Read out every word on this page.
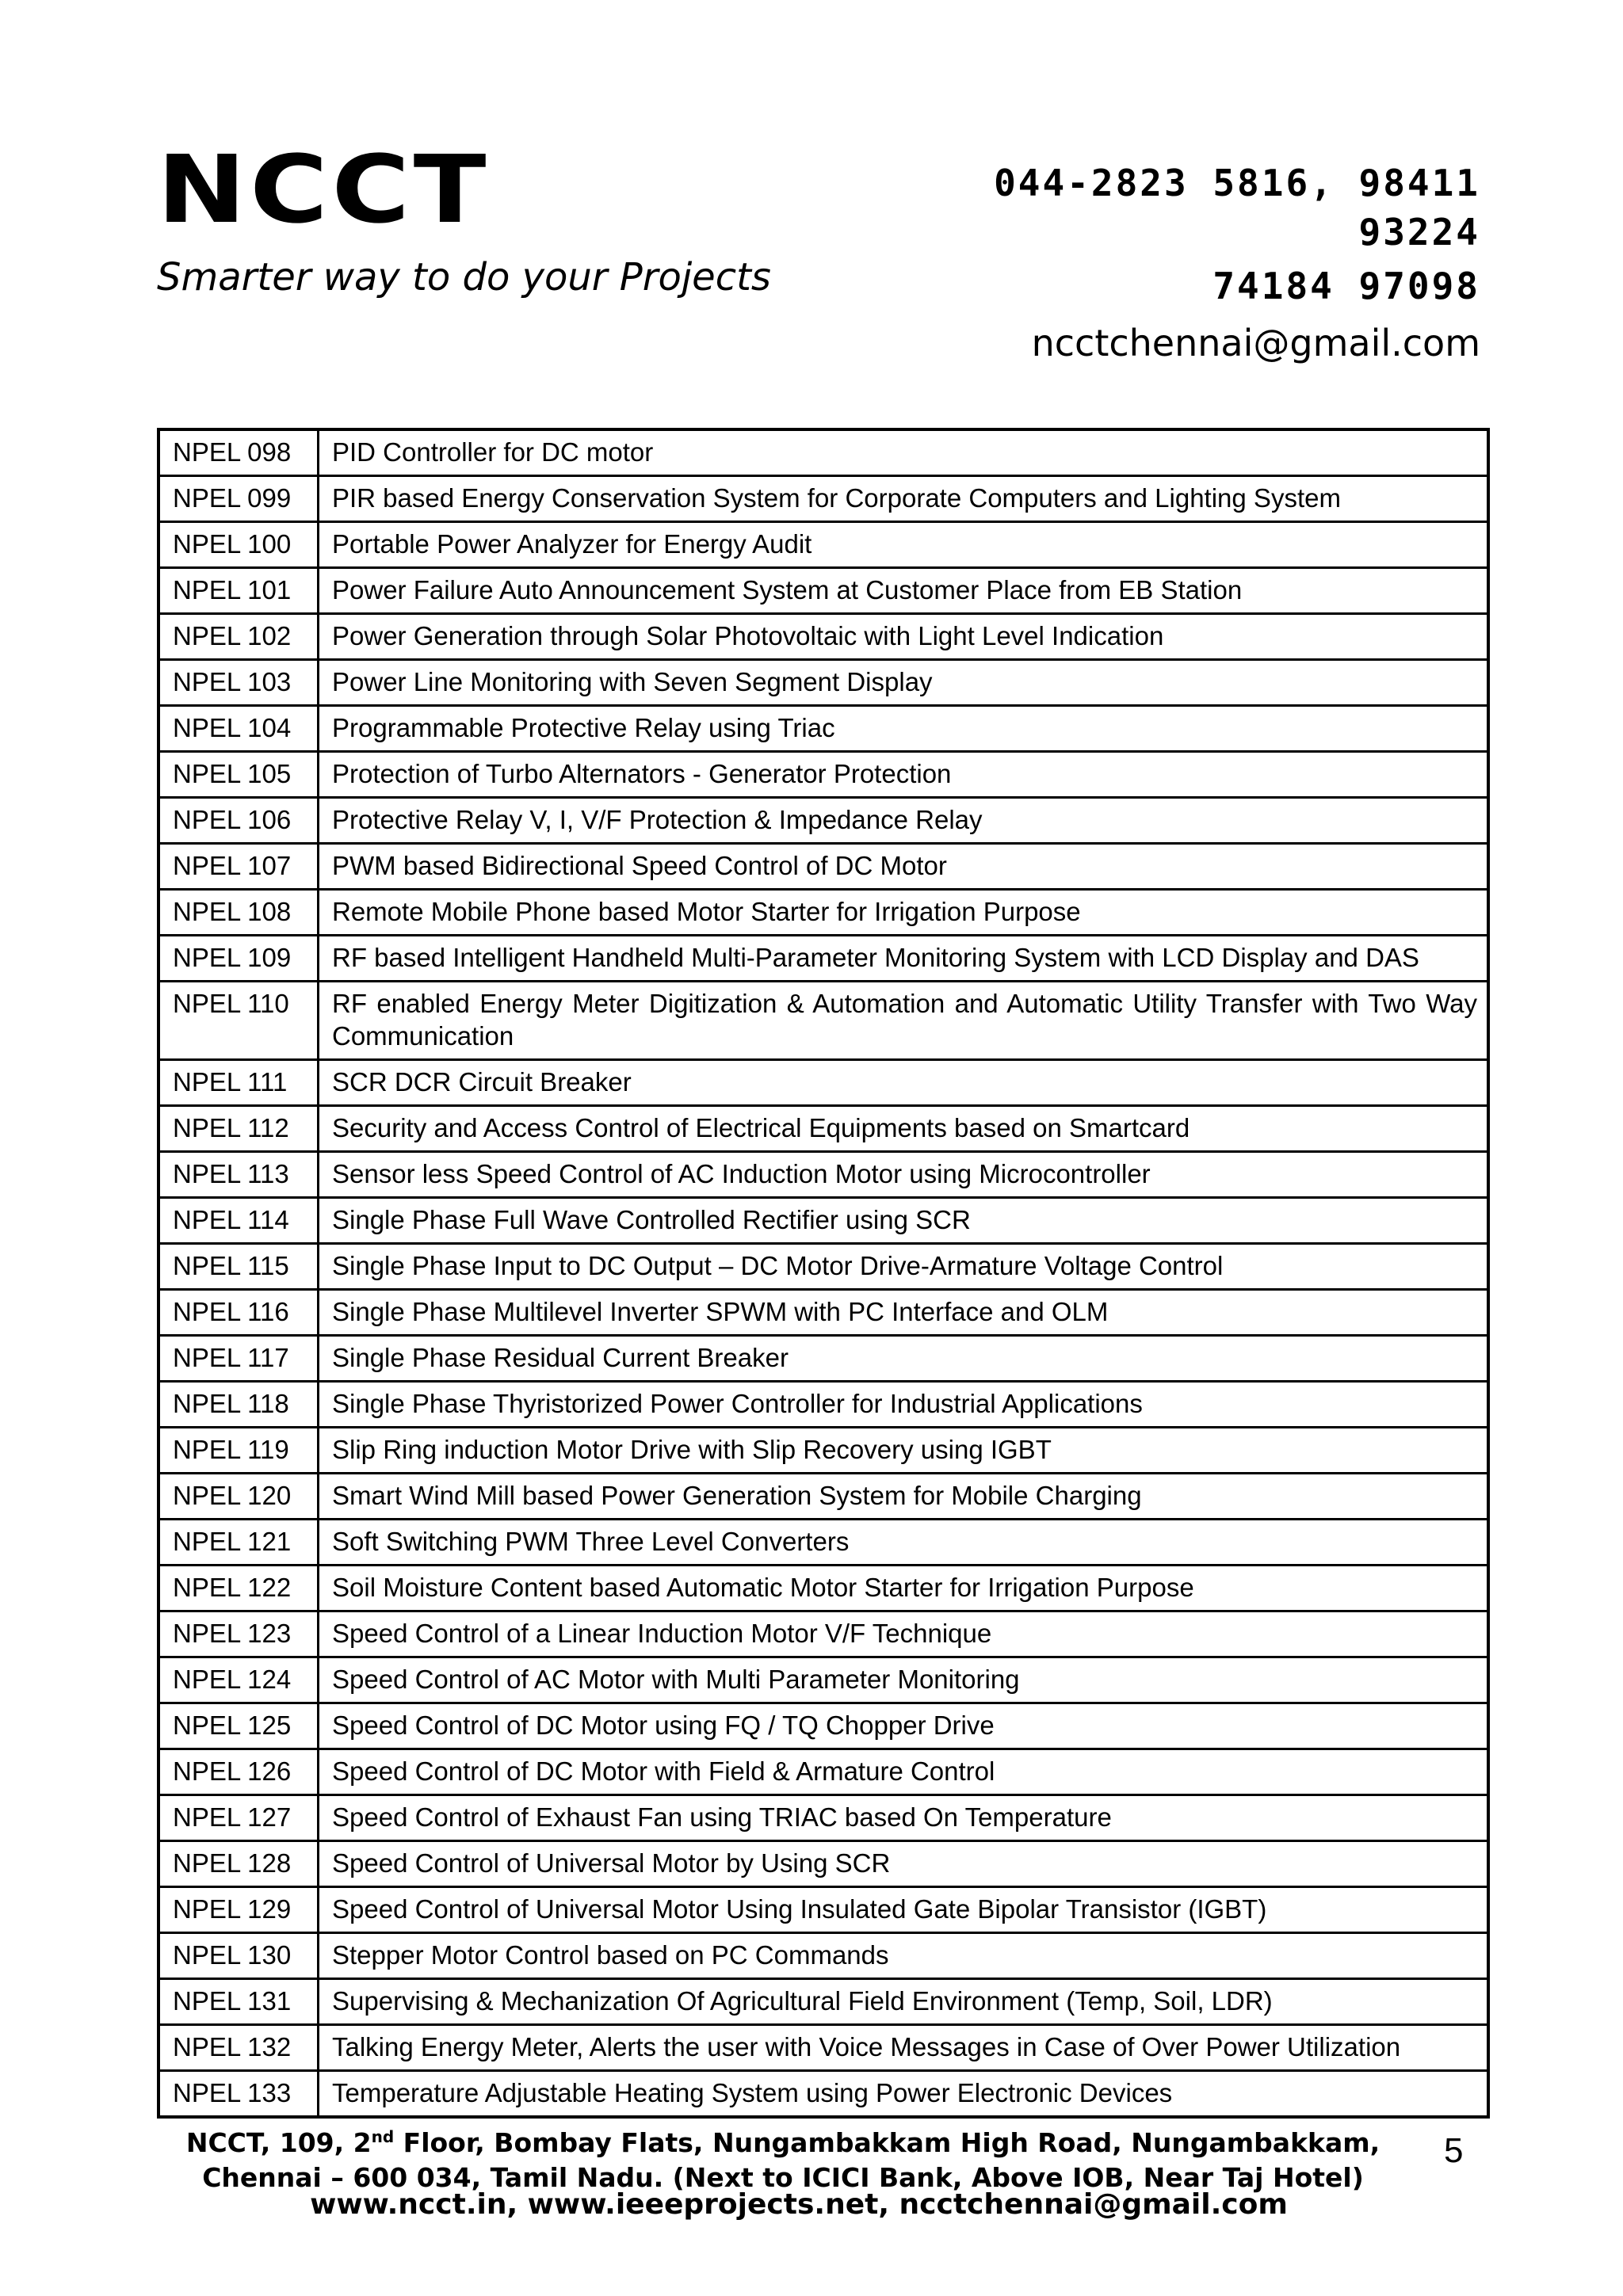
NCCT
Smarter way to do your Projects
044-2823 5816, 98411
93224
74184 97098
ncctchennai@gmail.com
NPEL 098	PID Controller for DC motor
NPEL 099	PIR based Energy Conservation System for Corporate Computers and Lighting System
NPEL 100	Portable Power Analyzer for Energy Audit
NPEL 101	Power Failure Auto Announcement System at Customer Place from EB Station
NPEL 102	Power Generation through Solar Photovoltaic with Light Level Indication
NPEL 103	Power Line Monitoring with Seven Segment Display
NPEL 104	Programmable Protective Relay using Triac
NPEL 105	Protection of Turbo Alternators - Generator Protection
NPEL 106	Protective Relay V, I, V/F Protection & Impedance Relay
NPEL 107	PWM based Bidirectional Speed Control of DC Motor
NPEL 108	Remote Mobile Phone based Motor Starter for Irrigation Purpose
NPEL 109	RF based Intelligent Handheld Multi-Parameter Monitoring System with LCD Display and DAS
NPEL 110	RF enabled Energy Meter Digitization & Automation and Automatic Utility Transfer with Two Way Communication
NPEL 111	SCR DCR Circuit Breaker
NPEL 112	Security and Access Control of Electrical Equipments based on Smartcard
NPEL 113	Sensor less Speed Control of AC Induction Motor using Microcontroller
NPEL 114	Single Phase Full Wave Controlled Rectifier using SCR
NPEL 115	Single Phase Input to DC Output – DC Motor Drive-Armature Voltage Control
NPEL 116	Single Phase Multilevel Inverter SPWM with PC Interface and OLM
NPEL 117	Single Phase Residual Current Breaker
NPEL 118	Single Phase Thyristorized Power Controller for Industrial Applications
NPEL 119	Slip Ring induction Motor Drive with Slip Recovery using IGBT
NPEL 120	Smart Wind Mill based Power Generation System for Mobile Charging
NPEL 121	Soft Switching PWM Three Level Converters
NPEL 122	Soil Moisture Content based Automatic Motor Starter for Irrigation Purpose
NPEL 123	Speed Control of a Linear Induction Motor V/F Technique
NPEL 124	Speed Control of AC Motor with Multi Parameter Monitoring
NPEL 125	Speed Control of DC Motor using FQ / TQ Chopper Drive
NPEL 126	Speed Control of DC Motor with Field & Armature Control
NPEL 127	Speed Control of Exhaust Fan using TRIAC based On Temperature
NPEL 128	Speed Control of Universal Motor by Using SCR
NPEL 129	Speed Control of Universal Motor Using Insulated Gate Bipolar Transistor (IGBT)
NPEL 130	Stepper Motor Control based on PC Commands
NPEL 131	Supervising & Mechanization Of Agricultural Field Environment (Temp, Soil, LDR)
NPEL 132	Talking Energy Meter, Alerts the user with Voice Messages in Case of Over Power Utilization
NPEL 133	Temperature Adjustable Heating System using Power Electronic Devices
NCCT, 109, 2nd Floor, Bombay Flats, Nungambakkam High Road, Nungambakkam,
Chennai – 600 034, Tamil Nadu. (Next to ICICI Bank, Above IOB, Near Taj Hotel)
www.ncct.in, www.ieeeprojects.net, ncctchennai@gmail.com
5
